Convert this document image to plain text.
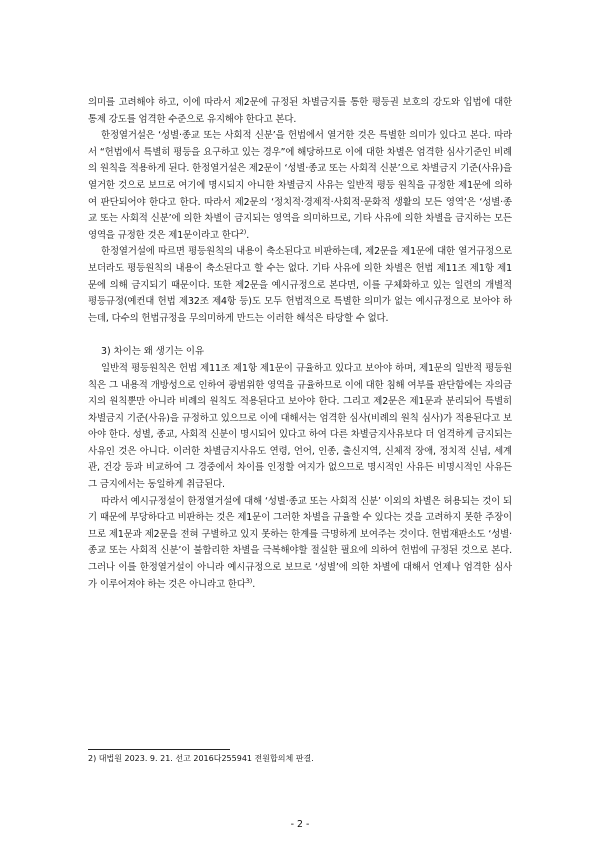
의미를 고려해야 하고, 이에 따라서 제2문에 규정된 차별금지를 통한 평등권 보호의 강도와 입법에 대한 통제 강도를 엄격한 수준으로 유지해야 한다고 본다.

한정열거설은 ‘성별·종교 또는 사회적 신분’을 헌법에서 열거한 것은 특별한 의미가 있다고 본다. 따라서 “헌법에서 특별히 평등을 요구하고 있는 경우”에 해당하므로 이에 대한 차별은 엄격한 심사기준인 비례의 원칙을 적용하게 된다. 한정열거설은 제2문이 ‘성별·종교 또는 사회적 신분’으로 차별금지 기준(사유)을 열거한 것으로 보므로 여기에 명시되지 아니한 차별금지 사유는 일반적 평등 원칙을 규정한 제1문에 의하여 판단되어야 한다고 한다. 따라서 제2문의 ‘정치적·경제적·사회적·문화적 생활의 모든 영역’은 ‘성별·종교 또는 사회적 신분’에 의한 차별이 금지되는 영역을 의미하므로, 기타 사유에 의한 차별을 금지하는 모든 영역을 규정한 것은 제1문이라고 한다$^{2)}$.

한정열거설에 따르면 평등원칙의 내용이 축소된다고 비판하는데, 제2문을 제1문에 대한 열거규정으로 보더라도 평등원칙의 내용이 축소된다고 할 수는 없다. 기타 사유에 의한 차별은 헌법 제11조 제1항 제1문에 의해 금지되기 때문이다. 또한 제2문을 예시규정으로 본다면, 이를 구체화하고 있는 일련의 개별적 평등규정(예컨대 헌법 제32조 제4항 등)도 모두 헌법적으로 특별한 의미가 없는 예시규정으로 보아야 하는데, 다수의 헌법규정을 무의미하게 만드는 이러한 해석은 타당할 수 없다.

3) 차이는 왜 생기는 이유

일반적 평등원칙은 헌법 제11조 제1항 제1문이 규율하고 있다고 보아야 하며, 제1문의 일반적 평등원칙은 그 내용적 개방성으로 인하여 광범위한 영역을 규율하므로 이에 대한 침해 여부를 판단함에는 자의금지의 원칙뿐만 아니라 비례의 원칙도 적용된다고 보아야 한다. 그리고 제2문은 제1문과 분리되어 특별히 차별금지 기준(사유)을 규정하고 있으므로 이에 대해서는 엄격한 심사(비례의 원칙 심사)가 적용된다고 보아야 한다. 성별, 종교, 사회적 신분이 명시되어 있다고 하여 다른 차별금지사유보다 더 엄격하게 금지되는 사유인 것은 아니다. 이러한 차별금지사유도 연령, 언어, 인종, 출신지역, 신체적 장애, 정치적 신념, 세계관, 건강 등과 비교하여 그 경중에서 차이를 인정할 여지가 없으므로 명시적인 사유든 비명시적인 사유든 그 금지에서는 동일하게 취급된다.

따라서 예시규정설이 한정열거설에 대해 ‘성별·종교 또는 사회적 신분’ 이외의 차별은 허용되는 것이 되기 때문에 부당하다고 비판하는 것은 제1문이 그러한 차별을 규율할 수 있다는 것을 고려하지 못한 주장이므로 제1문과 제2문을 전혀 구별하고 있지 못하는 한계를 극명하게 보여주는 것이다. 헌법재판소도 ‘성별·종교 또는 사회적 신분’이 불합리한 차별을 극복해야할 절실한 필요에 의하여 헌법에 규정된 것으로 본다. 그러나 이를 한정열거설이 아니라 예시규정으로 보므로 ‘성별’에 의한 차별에 대해서 언제나 엄격한 심사가 이루어져야 하는 것은 아니라고 한다$^{3)}$.

2) 대법원 2023. 9. 21. 선고 2016다255941 전원합의체 판결.

- 2 -
